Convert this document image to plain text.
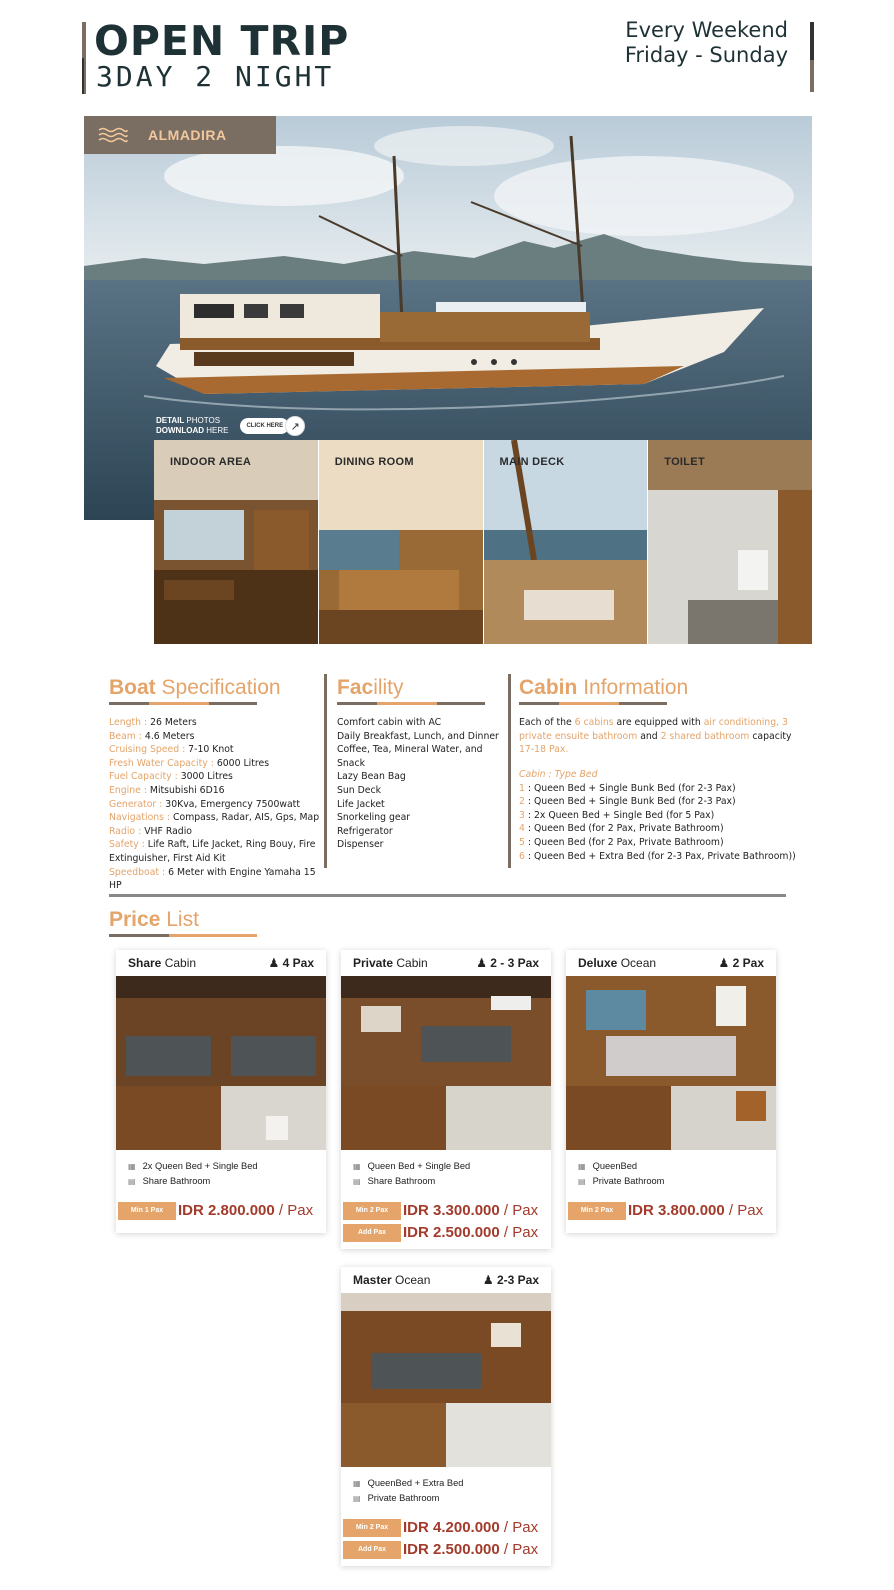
OPEN TRIP
3DAY 2 NIGHT
Every Weekend
Friday - Sunday
ALMADIRA
DETAIL PHOTOS
DOWNLOAD HERE	CLICK HERE ↗
INDOOR AREA	DINING ROOM	MAIN DECK	TOILET
Boat Specification
Length : 26 Meters
Beam : 4.6 Meters
Cruising Speed : 7-10 Knot
Fresh Water Capacity : 6000 Litres
Fuel Capacity : 3000 Litres
Engine : Mitsubishi 6D16
Generator : 30Kva, Emergency 7500watt
Navigations : Compass, Radar, AIS, Gps, Map
Radio : VHF Radio
Safety : Life Raft, Life Jacket, Ring Bouy, Fire Extinguisher, First Aid Kit
Speedboat : 6 Meter with Engine Yamaha 15 HP
Facility
Comfort cabin with AC
Daily Breakfast, Lunch, and Dinner
Coffee, Tea, Mineral Water, and Snack
Lazy Bean Bag
Sun Deck
Life Jacket
Snorkeling gear
Refrigerator
Dispenser
Cabin Information
Each of the 6 cabins are equipped with air conditioning, 3 private ensuite bathroom and 2 shared bathroom capacity 17-18 Pax.
Cabin : Type Bed
1 : Queen Bed + Single Bunk Bed (for 2-3 Pax)
2 : Queen Bed + Single Bunk Bed (for 2-3 Pax)
3 : 2x Queen Bed + Single Bed (for 5 Pax)
4 : Queen Bed (for 2 Pax, Private Bathroom)
5 : Queen Bed (for 2 Pax, Private Bathroom)
6 : Queen Bed + Extra Bed (for 2-3 Pax, Private Bathroom))
Price List
Share Cabin	♟ 4 Pax
▦ 2x Queen Bed + Single Bed
▤ Share Bathroom
Min 1 Pax IDR 2.800.000 / Pax
Private Cabin	♟ 2 - 3 Pax
▦ Queen Bed + Single Bed
▤ Share Bathroom
Min 2 Pax IDR 3.300.000 / Pax
Add Pax	IDR 2.500.000 / Pax
Deluxe Ocean	♟ 2 Pax
▦ QueenBed
▤ Private Bathroom
Min 2 Pax IDR 3.800.000 / Pax
Master Ocean	♟ 2-3 Pax
▦ QueenBed + Extra Bed
▤ Private Bathroom
Min 2 Pax IDR 4.200.000 / Pax
Add Pax	IDR 2.500.000 / Pax
